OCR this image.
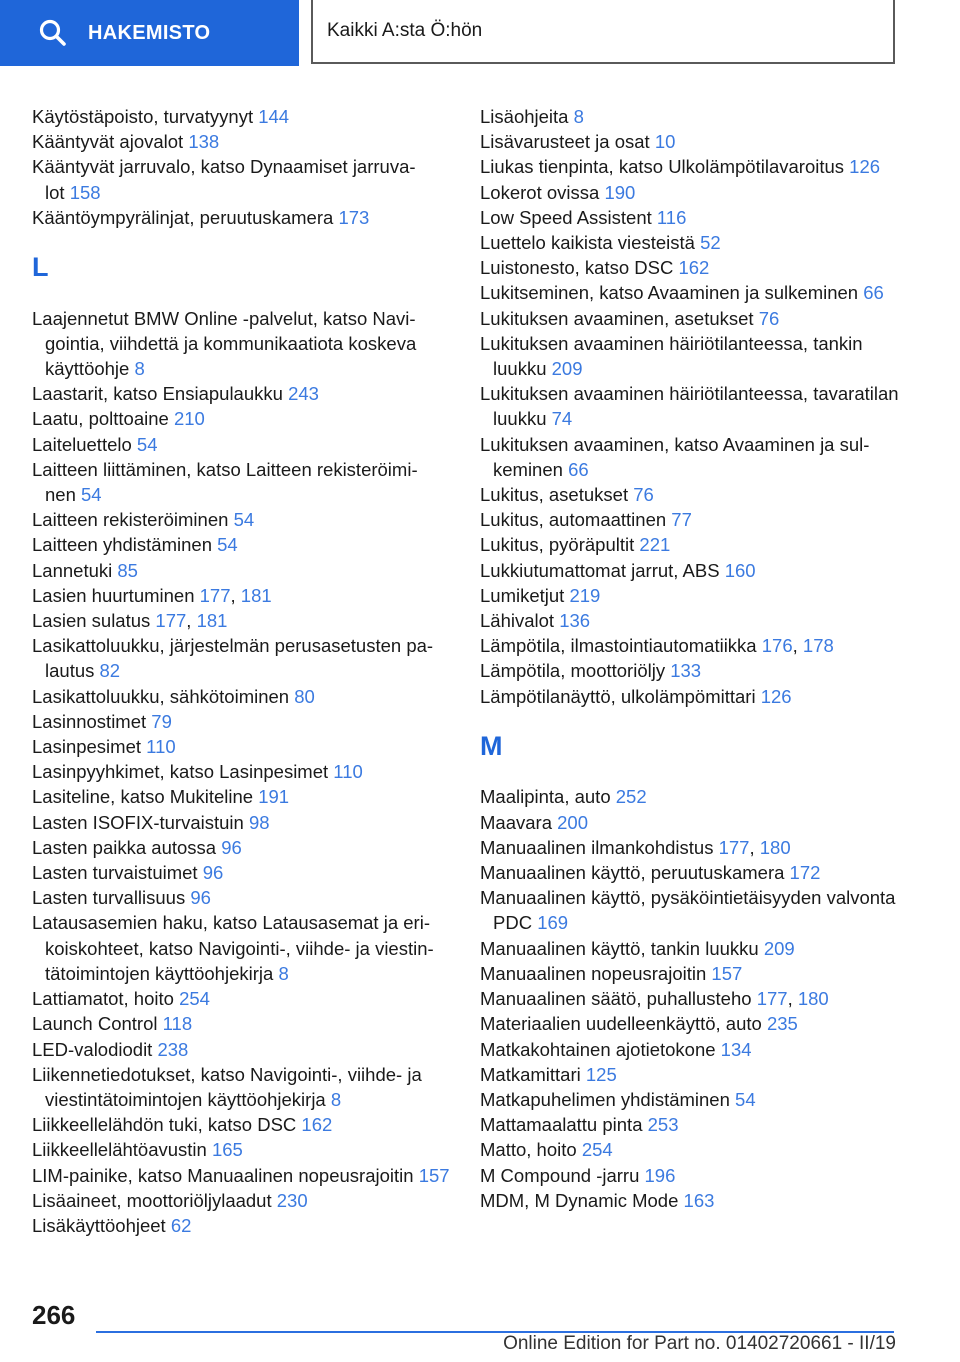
HAKEMISTO	Kaikki A:sta Ö:hön
Käytöstäpoisto, turvatyynyt 144
Kääntyvät ajovalot 138
Kääntyvät jarruvalo, katso Dynaamiset jarruvalot 158
Kääntöympyrälinjat, peruutuskamera 173
L
Laajennetut BMW Online -palvelut, katso Navigointia, viihdettä ja kommunikaatiota koskeva käyttöohje 8
Laastarit, katso Ensiapulaukku 243
Laatu, polttoaine 210
Laiteluettelo 54
Laitteen liittäminen, katso Laitteen rekisteröiminen 54
Laitteen rekisteröiminen 54
Laitteen yhdistäminen 54
Lannetuki 85
Lasien huurtuminen 177, 181
Lasien sulatus 177, 181
Lasikattoluukku, järjestelmän perusasetusten palautus 82
Lasikattoluukku, sähkötoiminen 80
Lasinnostimet 79
Lasinpesimet 110
Lasinpyyhkimet, katso Lasinpesimet 110
Lasiteline, katso Mukiteline 191
Lasten ISOFIX-turvaistuin 98
Lasten paikka autossa 96
Lasten turvaistuimet 96
Lasten turvallisuus 96
Latausasemien haku, katso Latausasemat ja erikoiskohteet, katso Navigointi-, viihde- ja viestintätoimintojen käyttöohjekirja 8
Lattiamatot, hoito 254
Launch Control 118
LED-valodiodit 238
Liikennetiedotukset, katso Navigointi-, viihde- ja viestintätoimintojen käyttöohjekirja 8
Liikkeellelähdön tuki, katso DSC 162
Liikkeellelähtöavustin 165
LIM-painike, katso Manuaalinen nopeusrajoitin 157
Lisäaineet, moottoriöljylaadut 230
Lisäkäyttöohjeet 62
Lisäohjeita 8
Lisävarusteet ja osat 10
Liukas tienpinta, katso Ulkolämpötilavaroitus 126
Lokerot ovissa 190
Low Speed Assistent 116
Luettelo kaikista viesteistä 52
Luistonesto, katso DSC 162
Lukitseminen, katso Avaaminen ja sulkeminen 66
Lukituksen avaaminen, asetukset 76
Lukituksen avaaminen häiriötilanteessa, tankin luukku 209
Lukituksen avaaminen häiriötilanteessa, tavaratilan luukku 74
Lukituksen avaaminen, katso Avaaminen ja sulkeminen 66
Lukitus, asetukset 76
Lukitus, automaattinen 77
Lukitus, pyöräpultit 221
Lukkiutumattomat jarrut, ABS 160
Lumiketjut 219
Lähivalot 136
Lämpötila, ilmastointiautomatiikka 176, 178
Lämpötila, moottoriöljy 133
Lämpötilanäyttö, ulkolämpömittari 126
M
Maalipinta, auto 252
Maavara 200
Manuaalinen ilmankohdistus 177, 180
Manuaalinen käyttö, peruutuskamera 172
Manuaalinen käyttö, pysäköintietäisyyden valvonta PDC 169
Manuaalinen käyttö, tankin luukku 209
Manuaalinen nopeusrajoitin 157
Manuaalinen säätö, puhallusteho 177, 180
Materiaalien uudelleenkäyttö, auto 235
Matkakohtainen ajotietokone 134
Matkamittari 125
Matkapuhelimen yhdistäminen 54
Mattamaalattu pinta 253
Matto, hoito 254
M Compound -jarru 196
MDM, M Dynamic Mode 163
266
Online Edition for Part no. 01402720661 - II/19
